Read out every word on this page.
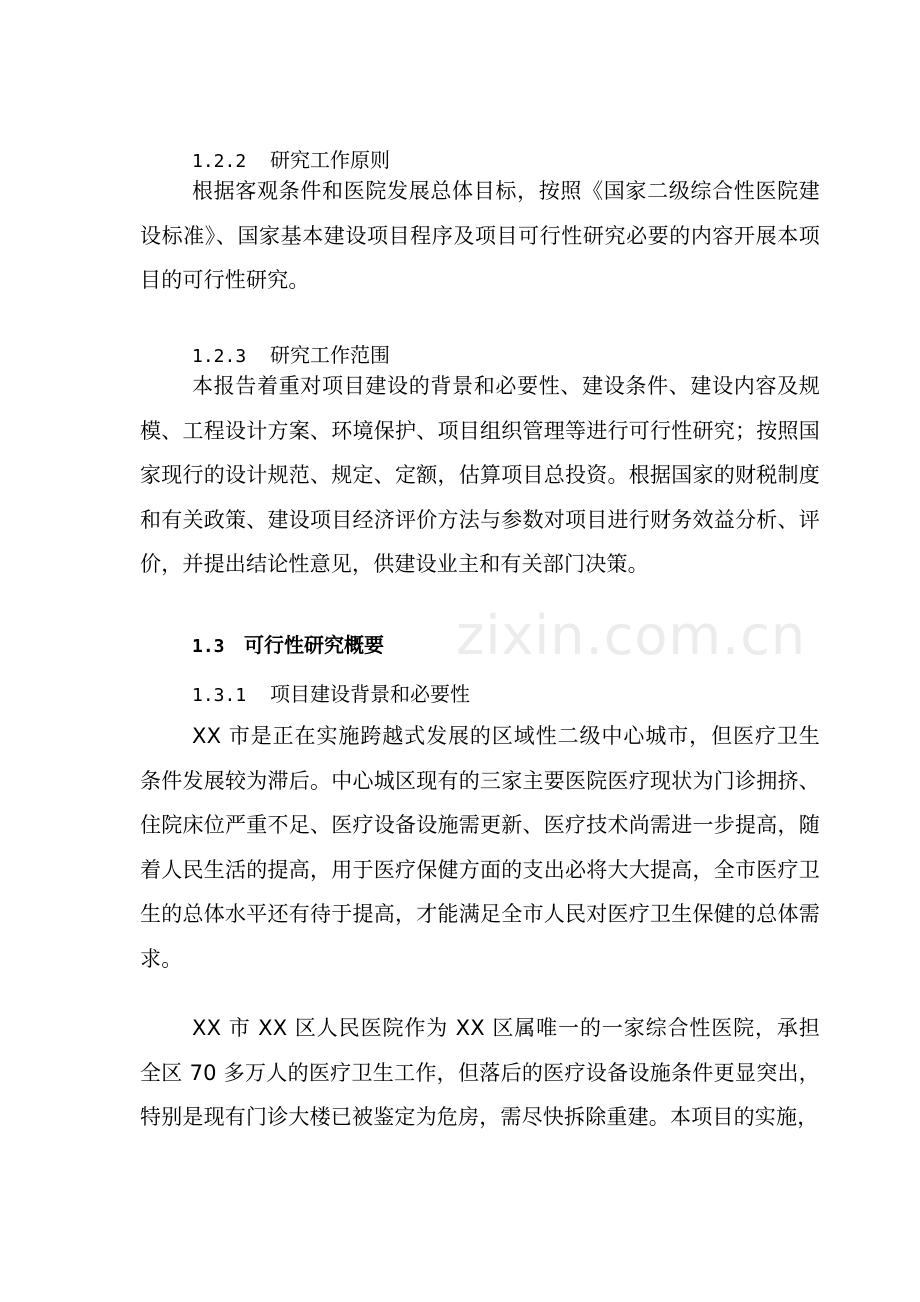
1.2.2 研究工作原则

根据客观条件和医院发展总体目标，按照《国家二级综合性医院建设标准》、国家基本建设项目程序及项目可行性研究必要的内容开展本项目的可行性研究。

1.2.3 研究工作范围

本报告着重对项目建设的背景和必要性、建设条件、建设内容及规模、工程设计方案、环境保护、项目组织管理等进行可行性研究；按照国家现行的设计规范、规定、定额，估算项目总投资。根据国家的财税制度和有关政策、建设项目经济评价方法与参数对项目进行财务效益分析、评价，并提出结论性意见，供建设业主和有关部门决策。

zixin.com.cn
1.3 可行性研究概要
1.3.1 项目建设背景和必要性

XX 市是正在实施跨越式发展的区域性二级中心城市，但医疗卫生条件发展较为滞后。中心城区现有的三家主要医院医疗现状为门诊拥挤、住院床位严重不足、医疗设备设施需更新、医疗技术尚需进一步提高，随着人民生活的提高，用于医疗保健方面的支出必将大大提高，全市医疗卫生的总体水平还有待于提高，才能满足全市人民对医疗卫生保健的总体需求。

XX 市 XX 区人民医院作为 XX 区属唯一的一家综合性医院，承担全区 70 多万人的医疗卫生工作，但落后的医疗设备设施条件更显突出，特别是现有门诊大楼已被鉴定为危房，需尽快拆除重建。本项目的实施，
